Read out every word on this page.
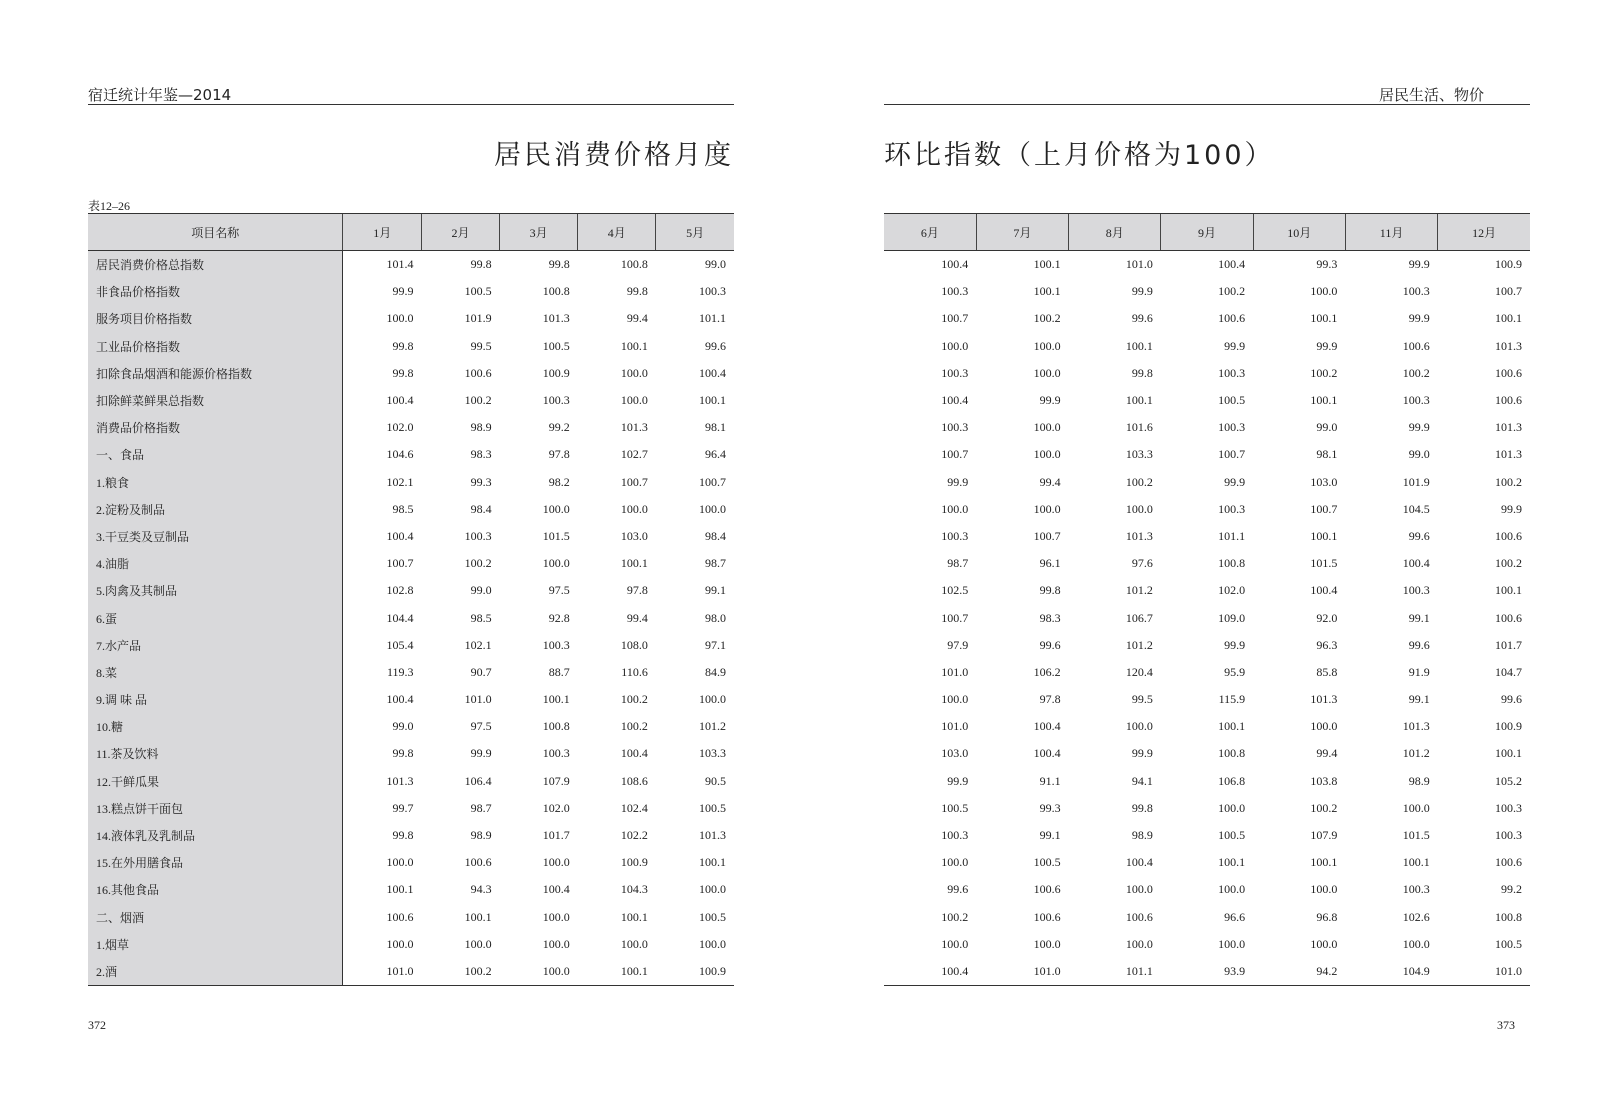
宿迁统计年鉴—2014
居民消费价格月度
表12–26
项目名称	1月	2月	3月	4月	5月
居民消费价格总指数	101.4	99.8	99.8	100.8	99.0
非食品价格指数	99.9	100.5	100.8	99.8	100.3
服务项目价格指数	100.0	101.9	101.3	99.4	101.1
工业品价格指数	99.8	99.5	100.5	100.1	99.6
扣除食品烟酒和能源价格指数	99.8	100.6	100.9	100.0	100.4
扣除鲜菜鲜果总指数	100.4	100.2	100.3	100.0	100.1
消费品价格指数	102.0	98.9	99.2	101.3	98.1
一、食品	104.6	98.3	97.8	102.7	96.4
1.粮食	102.1	99.3	98.2	100.7	100.7
2.淀粉及制品	98.5	98.4	100.0	100.0	100.0
3.干豆类及豆制品	100.4	100.3	101.5	103.0	98.4
4.油脂	100.7	100.2	100.0	100.1	98.7
5.肉禽及其制品	102.8	99.0	97.5	97.8	99.1
6.蛋	104.4	98.5	92.8	99.4	98.0
7.水产品	105.4	102.1	100.3	108.0	97.1
8.菜	119.3	90.7	88.7	110.6	84.9
9.调 味 品	100.4	101.0	100.1	100.2	100.0
10.糖	99.0	97.5	100.8	100.2	101.2
11.茶及饮料	99.8	99.9	100.3	100.4	103.3
12.干鲜瓜果	101.3	106.4	107.9	108.6	90.5
13.糕点饼干面包	99.7	98.7	102.0	102.4	100.5
14.液体乳及乳制品	99.8	98.9	101.7	102.2	101.3
15.在外用膳食品	100.0	100.6	100.0	100.9	100.1
16.其他食品	100.1	94.3	100.4	104.3	100.0
二、烟酒	100.6	100.1	100.0	100.1	100.5
1.烟草	100.0	100.0	100.0	100.0	100.0
2.酒	101.0	100.2	100.0	100.1	100.9
372
居民生活、物价
环比指数（上月价格为100）
6月	7月	8月	9月	10月	11月	12月
100.4	100.1	101.0	100.4	99.3	99.9	100.9
100.3	100.1	99.9	100.2	100.0	100.3	100.7
100.7	100.2	99.6	100.6	100.1	99.9	100.1
100.0	100.0	100.1	99.9	99.9	100.6	101.3
100.3	100.0	99.8	100.3	100.2	100.2	100.6
100.4	99.9	100.1	100.5	100.1	100.3	100.6
100.3	100.0	101.6	100.3	99.0	99.9	101.3
100.7	100.0	103.3	100.7	98.1	99.0	101.3
99.9	99.4	100.2	99.9	103.0	101.9	100.2
100.0	100.0	100.0	100.3	100.7	104.5	99.9
100.3	100.7	101.3	101.1	100.1	99.6	100.6
98.7	96.1	97.6	100.8	101.5	100.4	100.2
102.5	99.8	101.2	102.0	100.4	100.3	100.1
100.7	98.3	106.7	109.0	92.0	99.1	100.6
97.9	99.6	101.2	99.9	96.3	99.6	101.7
101.0	106.2	120.4	95.9	85.8	91.9	104.7
100.0	97.8	99.5	115.9	101.3	99.1	99.6
101.0	100.4	100.0	100.1	100.0	101.3	100.9
103.0	100.4	99.9	100.8	99.4	101.2	100.1
99.9	91.1	94.1	106.8	103.8	98.9	105.2
100.5	99.3	99.8	100.0	100.2	100.0	100.3
100.3	99.1	98.9	100.5	107.9	101.5	100.3
100.0	100.5	100.4	100.1	100.1	100.1	100.6
99.6	100.6	100.0	100.0	100.0	100.3	99.2
100.2	100.6	100.6	96.6	96.8	102.6	100.8
100.0	100.0	100.0	100.0	100.0	100.0	100.5
100.4	101.0	101.1	93.9	94.2	104.9	101.0
373
